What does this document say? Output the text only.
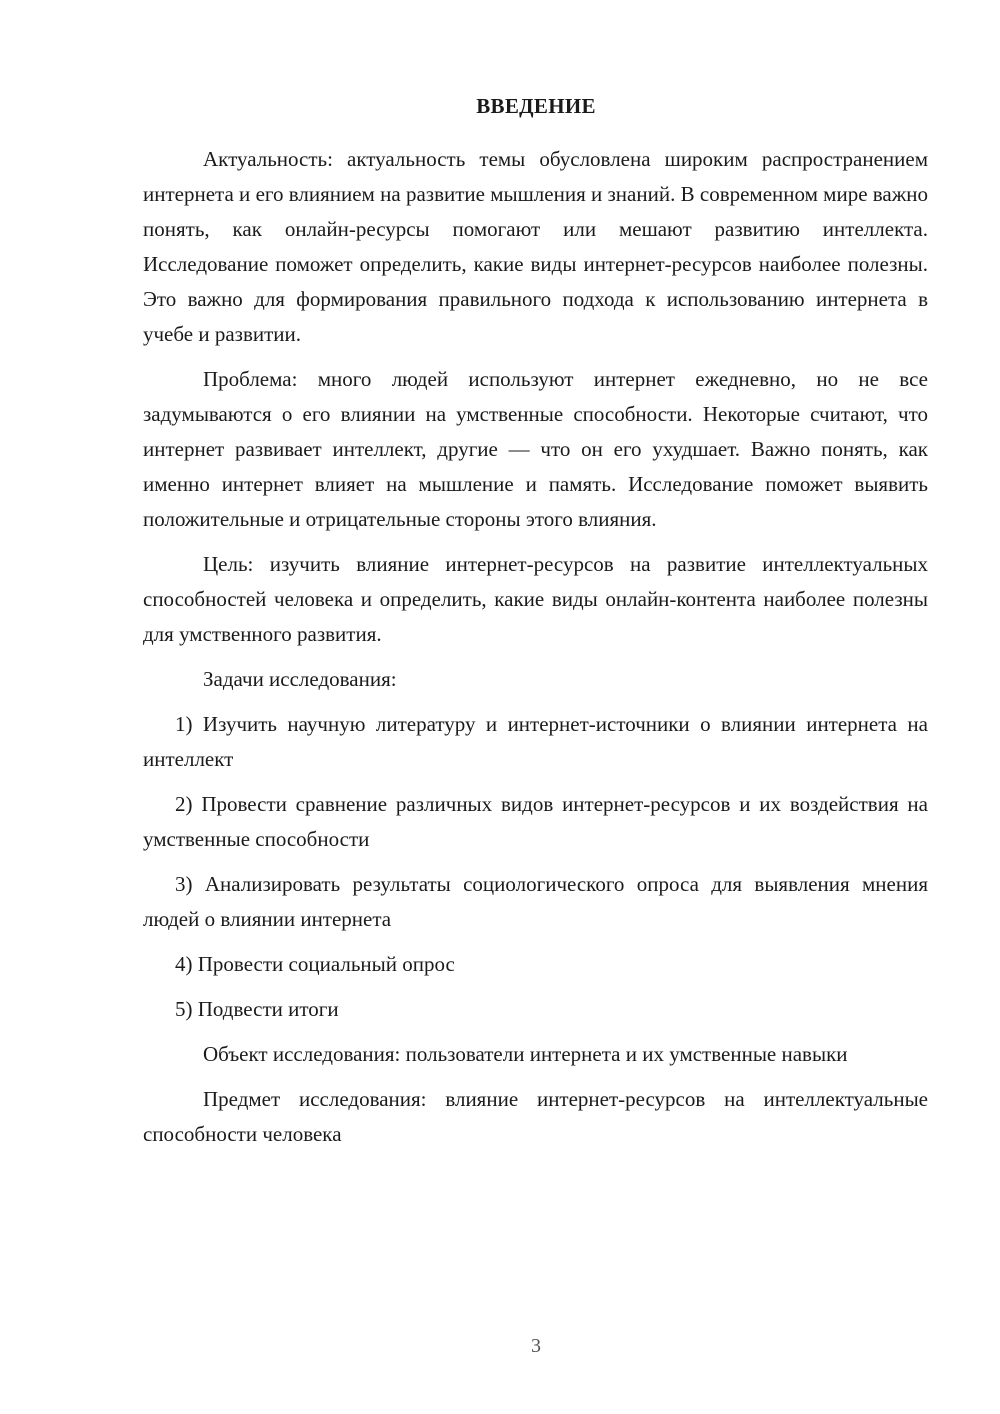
ВВЕДЕНИЕ

Актуальность: актуальность темы обусловлена широким распространением интернета и его влиянием на развитие мышления и знаний. В современном мире важно понять, как онлайн-ресурсы помогают или мешают развитию интеллекта. Исследование поможет определить, какие виды интернет-ресурсов наиболее полезны. Это важно для формирования правильного подхода к использованию интернета в учебе и развитии.

Проблема: много людей используют интернет ежедневно, но не все задумываются о его влиянии на умственные способности. Некоторые считают, что интернет развивает интеллект, другие — что он его ухудшает. Важно понять, как именно интернет влияет на мышление и память. Исследование поможет выявить положительные и отрицательные стороны этого влияния.

Цель: изучить влияние интернет-ресурсов на развитие интеллектуальных способностей человека и определить, какие виды онлайн-контента наиболее полезны для умственного развития.

Задачи исследования:

1) Изучить научную литературу и интернет-источники о влиянии интернета на интеллект

2) Провести сравнение различных видов интернет-ресурсов и их воздействия на умственные способности

3) Анализировать результаты социологического опроса для выявления мнения людей о влиянии интернета

4) Провести социальный опрос

5) Подвести итоги

Объект исследования: пользователи интернета и их умственные навыки

Предмет исследования: влияние интернет-ресурсов на интеллектуальные способности человека

3
